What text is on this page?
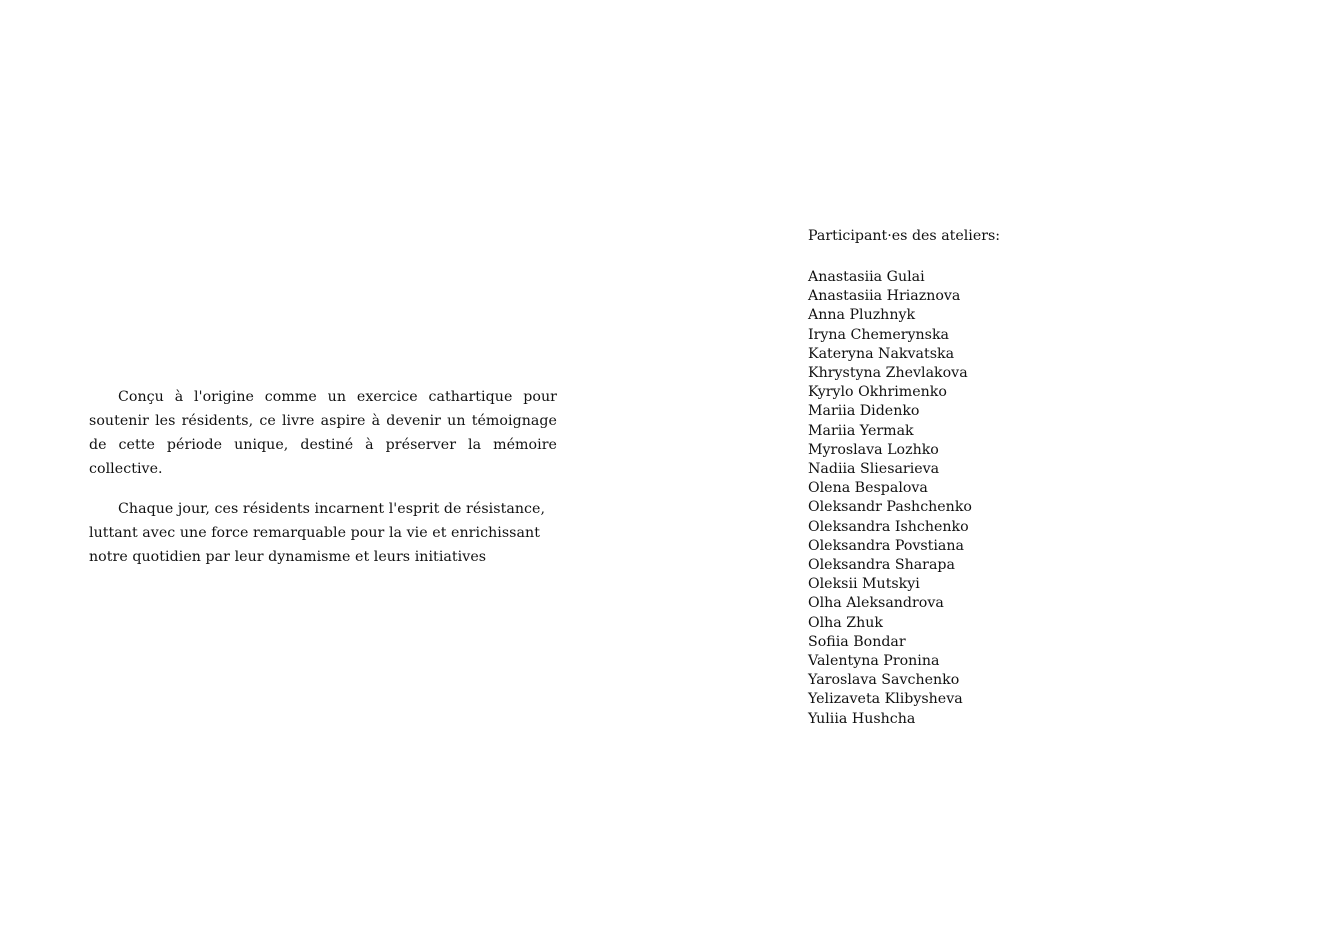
Conçu à l'origine comme un exercice cathartique pour soutenir les résidents, ce livre aspire à devenir un témoignage de cette période unique, destiné à préserver la mémoire collective.

Chaque jour, ces résidents incarnent l'esprit de résistance, luttant avec une force remarquable pour la vie et enrichissant notre quotidien par leur dynamisme et leurs initiatives

Participant·es des ateliers:

Anastasiia Gulai
Anastasiia Hriaznova
Anna Pluzhnyk
Iryna Chemerynska
Kateryna Nakvatska
Khrystyna Zhevlakova
Kyrylo Okhrimenko
Mariia Didenko
Mariia Yermak
Myroslava Lozhko
Nadiia Sliesarieva
Olena Bespalova
Oleksandr Pashchenko
Oleksandra Ishchenko
Oleksandra Povstiana
Oleksandra Sharapa
Oleksii Mutskyi
Olha Aleksandrova
Olha Zhuk
Sofiia Bondar
Valentyna Pronina
Yaroslava Savchenko
Yelizaveta Klibysheva
Yuliia Hushcha
